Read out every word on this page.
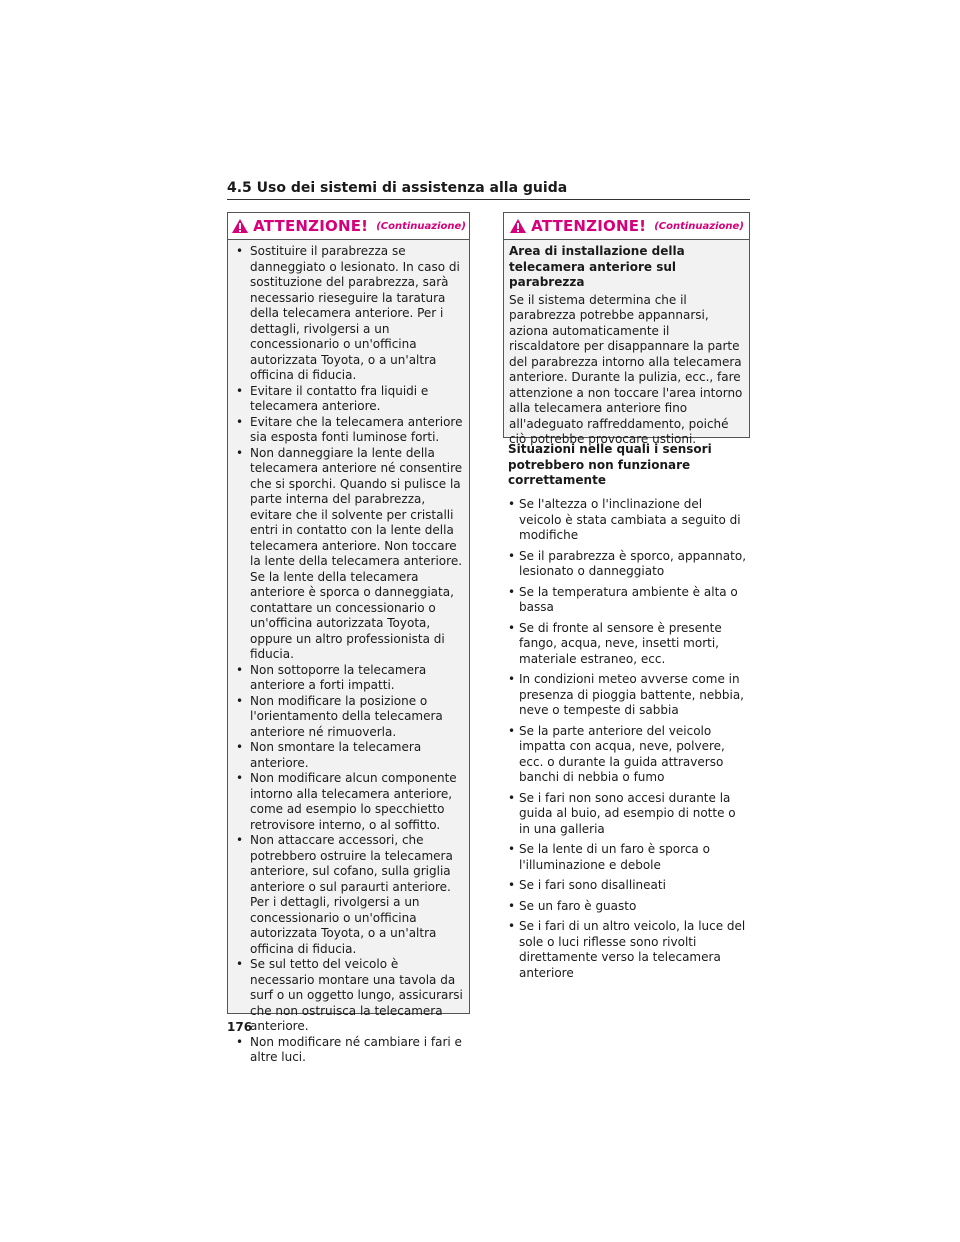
4.5 Uso dei sistemi di assistenza alla guida
ATTENZIONE! (Continuazione)
• Sostituire il parabrezza se danneggiato o lesionato. In caso di sostituzione del parabrezza, sarà necessario rieseguire la taratura della telecamera anteriore. Per i dettagli, rivolgersi a un concessionario o un'officina autorizzata Toyota, o a un'altra officina di fiducia.
• Evitare il contatto fra liquidi e telecamera anteriore.
• Evitare che la telecamera anteriore sia esposta fonti luminose forti.
• Non danneggiare la lente della telecamera anteriore né consentire che si sporchi. Quando si pulisce la parte interna del parabrezza, evitare che il solvente per cristalli entri in contatto con la lente della telecamera anteriore. Non toccare la lente della telecamera anteriore. Se la lente della telecamera anteriore è sporca o danneggiata, contattare un concessionario o un'officina autorizzata Toyota, oppure un altro professionista di fiducia.
• Non sottoporre la telecamera anteriore a forti impatti.
• Non modificare la posizione o l'orientamento della telecamera anteriore né rimuoverla.
• Non smontare la telecamera anteriore.
• Non modificare alcun componente intorno alla telecamera anteriore, come ad esempio lo specchietto retrovisore interno, o al soffitto.
• Non attaccare accessori, che potrebbero ostruire la telecamera anteriore, sul cofano, sulla griglia anteriore o sul paraurti anteriore. Per i dettagli, rivolgersi a un concessionario o un'officina autorizzata Toyota, o a un'altra officina di fiducia.
• Se sul tetto del veicolo è necessario montare una tavola da surf o un oggetto lungo, assicurarsi che non ostruisca la telecamera anteriore.
• Non modificare né cambiare i fari e altre luci.
ATTENZIONE! (Continuazione)
Area di installazione della telecamera anteriore sul parabrezza
Se il sistema determina che il parabrezza potrebbe appannarsi, aziona automaticamente il riscaldatore per disappannare la parte del parabrezza intorno alla telecamera anteriore. Durante la pulizia, ecc., fare attenzione a non toccare l'area intorno alla telecamera anteriore fino all'adeguato raffreddamento, poiché ciò potrebbe provocare ustioni.
Situazioni nelle quali i sensori potrebbero non funzionare correttamente
• Se l'altezza o l'inclinazione del veicolo è stata cambiata a seguito di modifiche
• Se il parabrezza è sporco, appannato, lesionato o danneggiato
• Se la temperatura ambiente è alta o bassa
• Se di fronte al sensore è presente fango, acqua, neve, insetti morti, materiale estraneo, ecc.
• In condizioni meteo avverse come in presenza di pioggia battente, nebbia, neve o tempeste di sabbia
• Se la parte anteriore del veicolo impatta con acqua, neve, polvere, ecc. o durante la guida attraverso banchi di nebbia o fumo
• Se i fari non sono accesi durante la guida al buio, ad esempio di notte o in una galleria
• Se la lente di un faro è sporca o l'illuminazione e debole
• Se i fari sono disallineati
• Se un faro è guasto
• Se i fari di un altro veicolo, la luce del sole o luci riflesse sono rivolti direttamente verso la telecamera anteriore
176
